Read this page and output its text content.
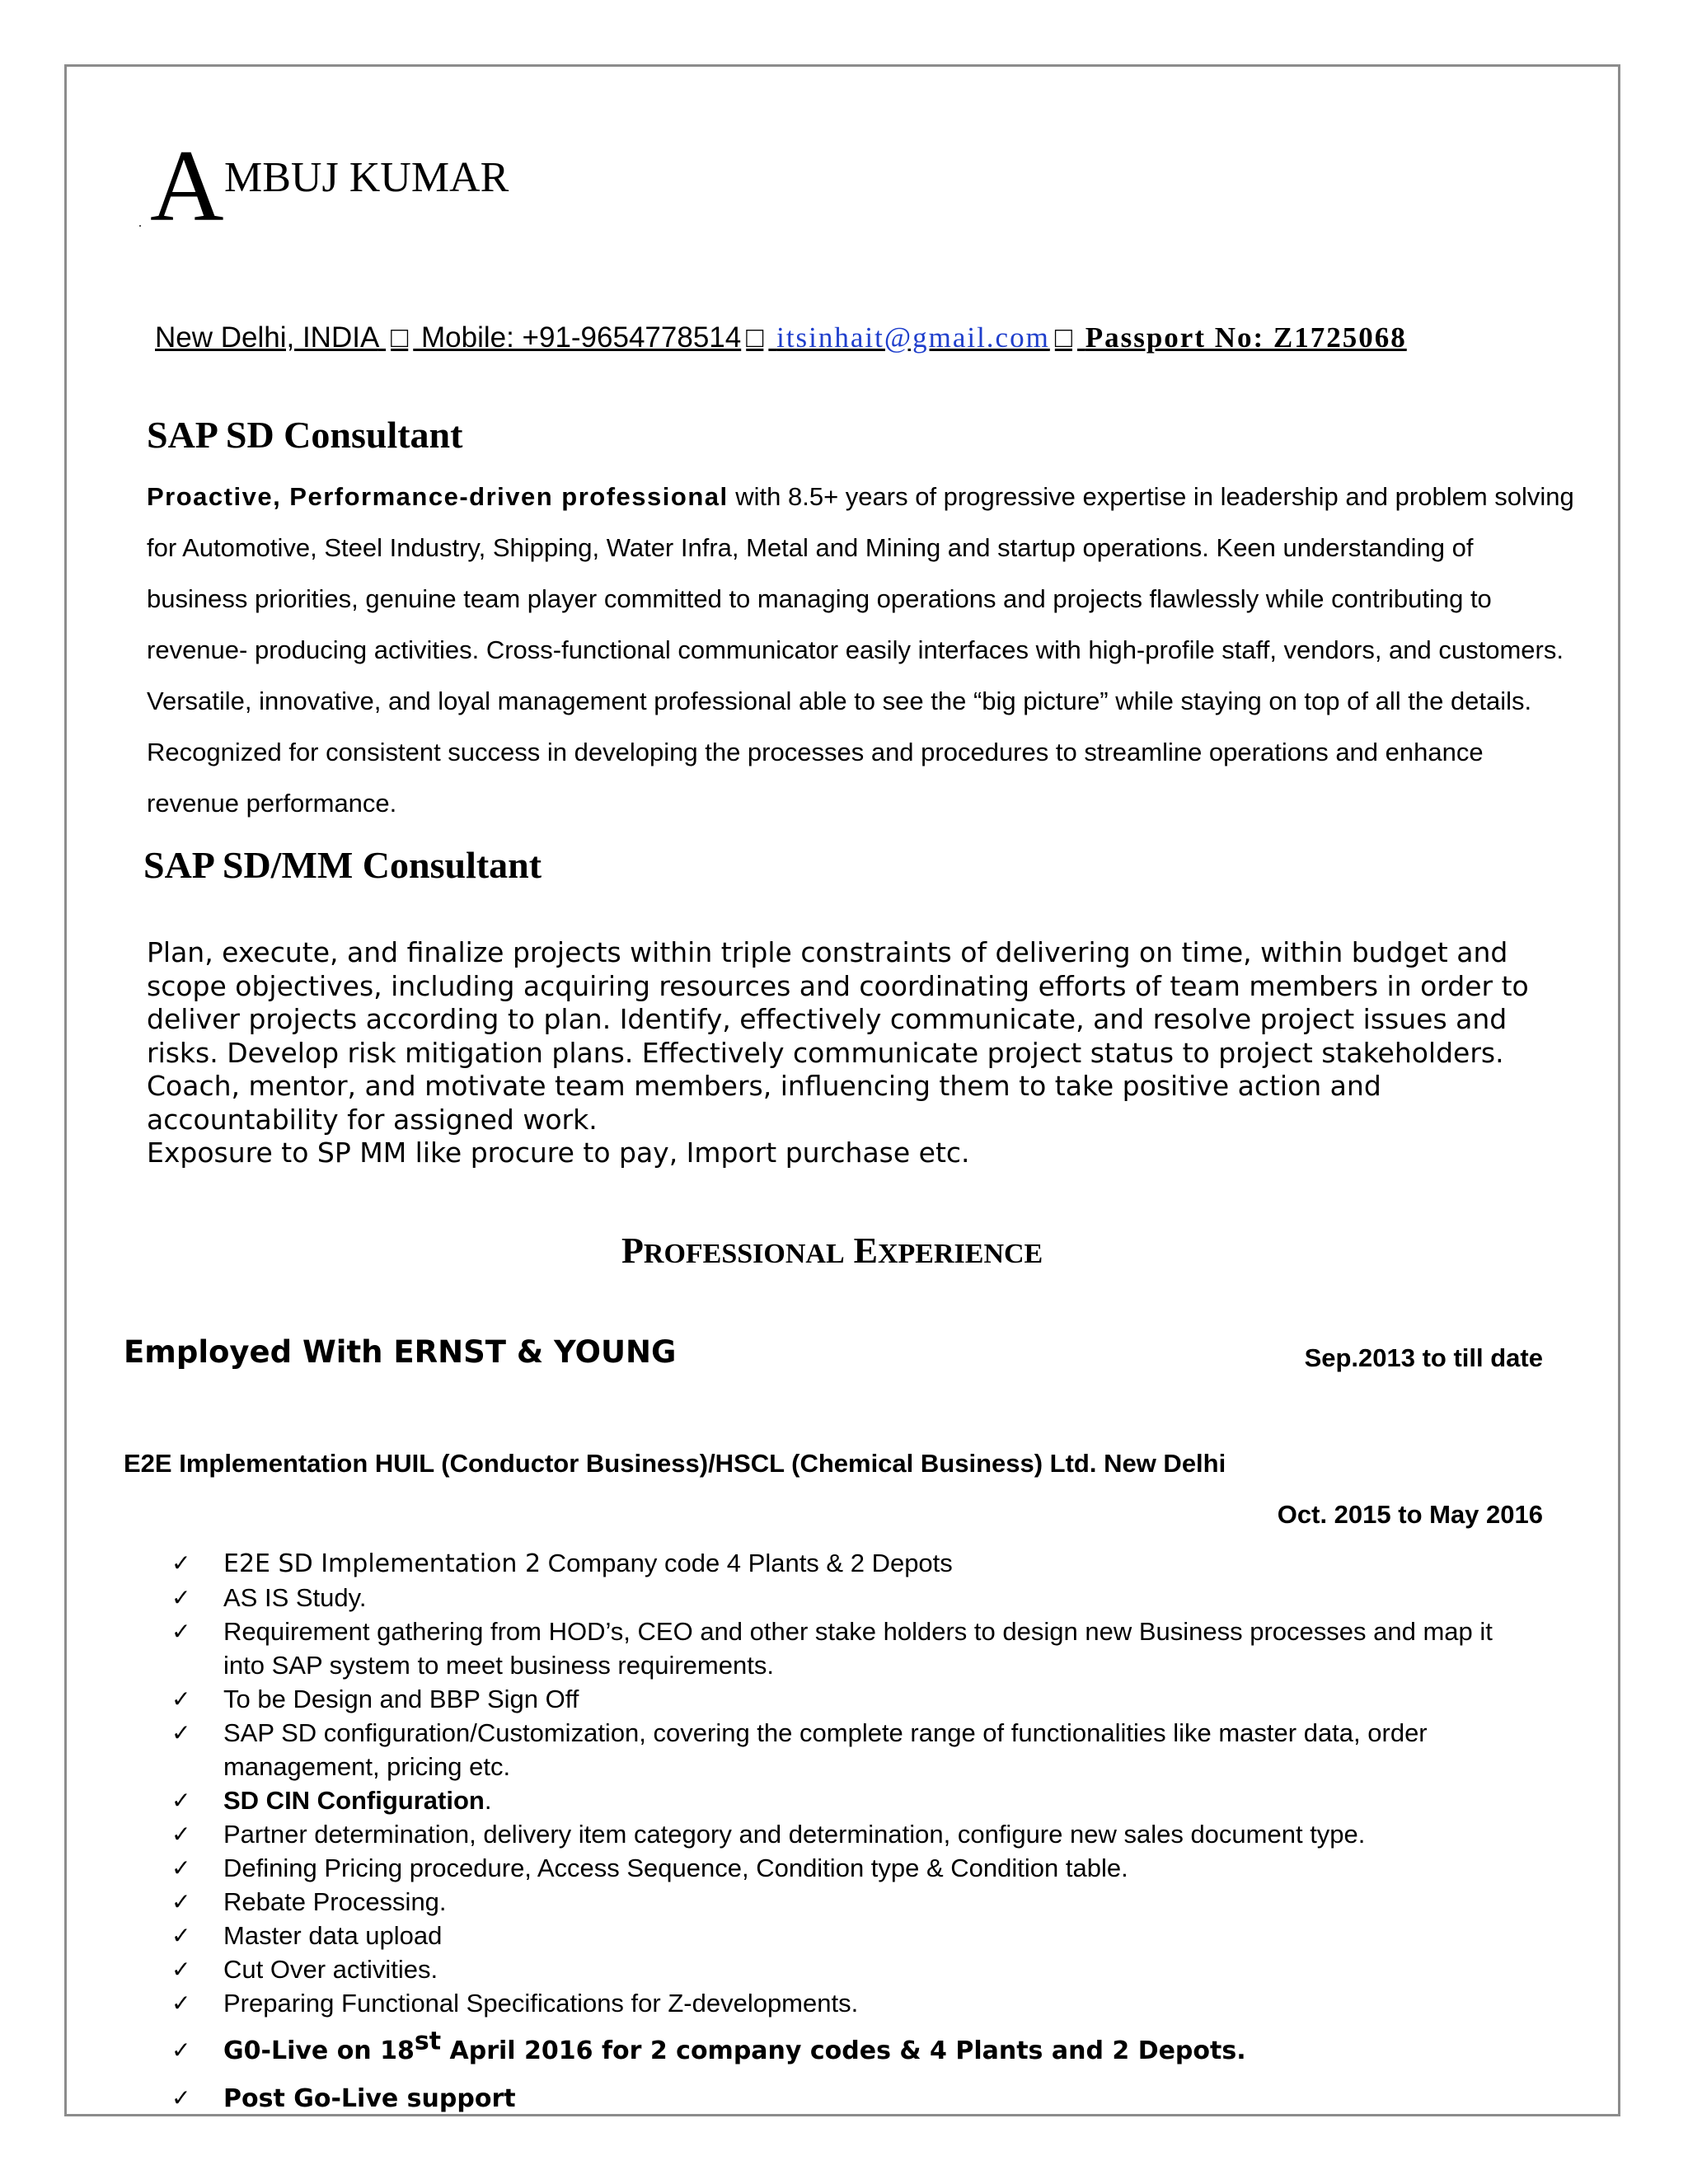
. A MBUJ KUMAR
New Delhi, INDIA □ Mobile: +91-9654778514 □ itsinhait@gmail.com □ Passport No: Z1725068
SAP SD Consultant
Proactive, Performance-driven professional with 8.5+ years of progressive expertise in leadership and problem solving for Automotive, Steel Industry, Shipping, Water Infra, Metal and Mining and startup operations. Keen understanding of business priorities, genuine team player committed to managing operations and projects flawlessly while contributing to revenue- producing activities. Cross-functional communicator easily interfaces with high-profile staff, vendors, and customers. Versatile, innovative, and loyal management professional able to see the “big picture” while staying on top of all the details. Recognized for consistent success in developing the processes and procedures to streamline operations and enhance revenue performance.
SAP SD/MM Consultant

Plan, execute, and finalize projects within triple constraints of delivering on time, within budget and scope objectives, including acquiring resources and coordinating efforts of team members in order to deliver projects according to plan. Identify, effectively communicate, and resolve project issues and risks. Develop risk mitigation plans. Effectively communicate project status to project stakeholders. Coach, mentor, and motivate team members, influencing them to take positive action and accountability for assigned work.

Exposure to SP MM like procure to pay, Import purchase etc.

PROFESSIONAL EXPERIENCE
Employed With ERNST & YOUNG	Sep.2013 to till date
E2E Implementation HUIL (Conductor Business)/HSCL (Chemical Business) Ltd. New Delhi
Oct. 2015 to May 2016
✓ E2E SD Implementation 2 Company code 4 Plants & 2 Depots
✓ AS IS Study.
✓ Requirement gathering from HOD’s, CEO and other stake holders to design new Business processes and map it into SAP system to meet business requirements.
✓ To be Design and BBP Sign Off
✓ SAP SD configuration/Customization, covering the complete range of functionalities like master data, order management, pricing etc.
✓ SD CIN Configuration.
✓ Partner determination, delivery item category and determination, configure new sales document type.
✓ Defining Pricing procedure, Access Sequence, Condition type & Condition table.
✓ Rebate Processing.
✓ Master data upload
✓ Cut Over activities.
✓ Preparing Functional Specifications for Z-developments.
✓ G0-Live on 18st April 2016 for 2 company codes & 4 Plants and 2 Depots.
✓ Post Go-Live support
